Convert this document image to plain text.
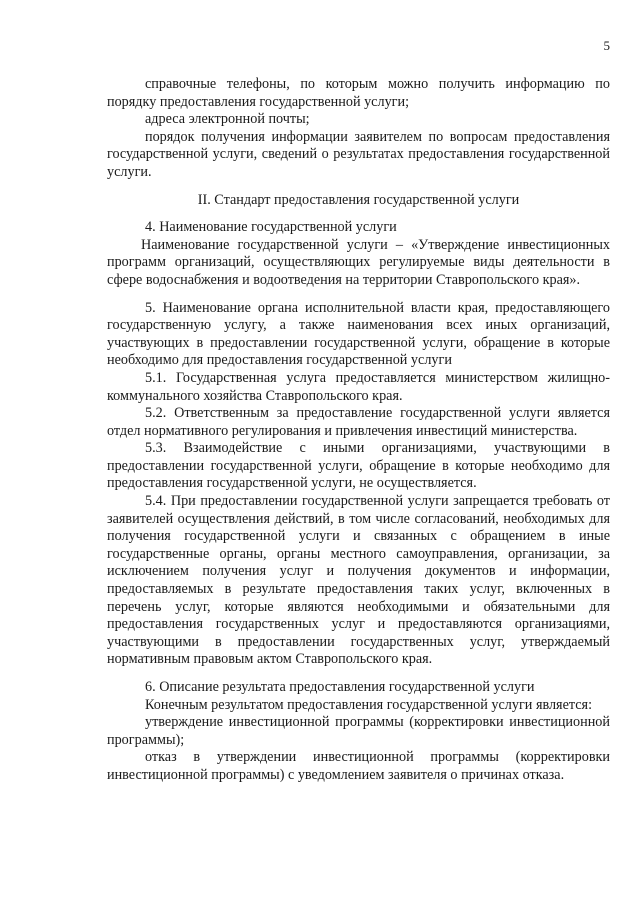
5

справочные телефоны, по которым можно получить информацию по порядку предоставления государственной услуги;

адреса электронной почты;

порядок получения информации заявителем по вопросам предоставления государственной услуги, сведений о результатах предоставления государственной услуги.

II. Стандарт предоставления государственной услуги

4. Наименование государственной услуги

Наименование государственной услуги – «Утверждение инвестиционных программ организаций, осуществляющих регулируемые виды деятельности в сфере водоснабжения и водоотведения на территории Ставропольского края».

5. Наименование органа исполнительной власти края, предоставляющего государственную услугу, а также наименования всех иных организаций, участвующих в предоставлении государственной услуги, обращение в которые необходимо для предоставления государственной услуги

5.1. Государственная услуга предоставляется министерством жилищно-коммунального хозяйства Ставропольского края.

5.2. Ответственным за предоставление государственной услуги является отдел нормативного регулирования и привлечения инвестиций министерства.

5.3. Взаимодействие с иными организациями, участвующими в предоставлении государственной услуги, обращение в которые необходимо для предоставления государственной услуги, не осуществляется.

5.4. При предоставлении государственной услуги запрещается требовать от заявителей осуществления действий, в том числе согласований, необходимых для получения государственной услуги и связанных с обращением в иные государственные органы, органы местного самоуправления, организации, за исключением получения услуг и получения документов и информации, предоставляемых в результате предоставления таких услуг, включенных в перечень услуг, которые являются необходимыми и обязательными для предоставления государственных услуг и предоставляются организациями, участвующими в предоставлении государственных услуг, утверждаемый нормативным правовым актом Ставропольского края.

6. Описание результата предоставления государственной услуги

Конечным результатом предоставления государственной услуги является:

утверждение инвестиционной программы (корректировки инвестиционной программы);

отказ в утверждении инвестиционной программы (корректировки инвестиционной программы) с уведомлением заявителя о причинах отказа.
